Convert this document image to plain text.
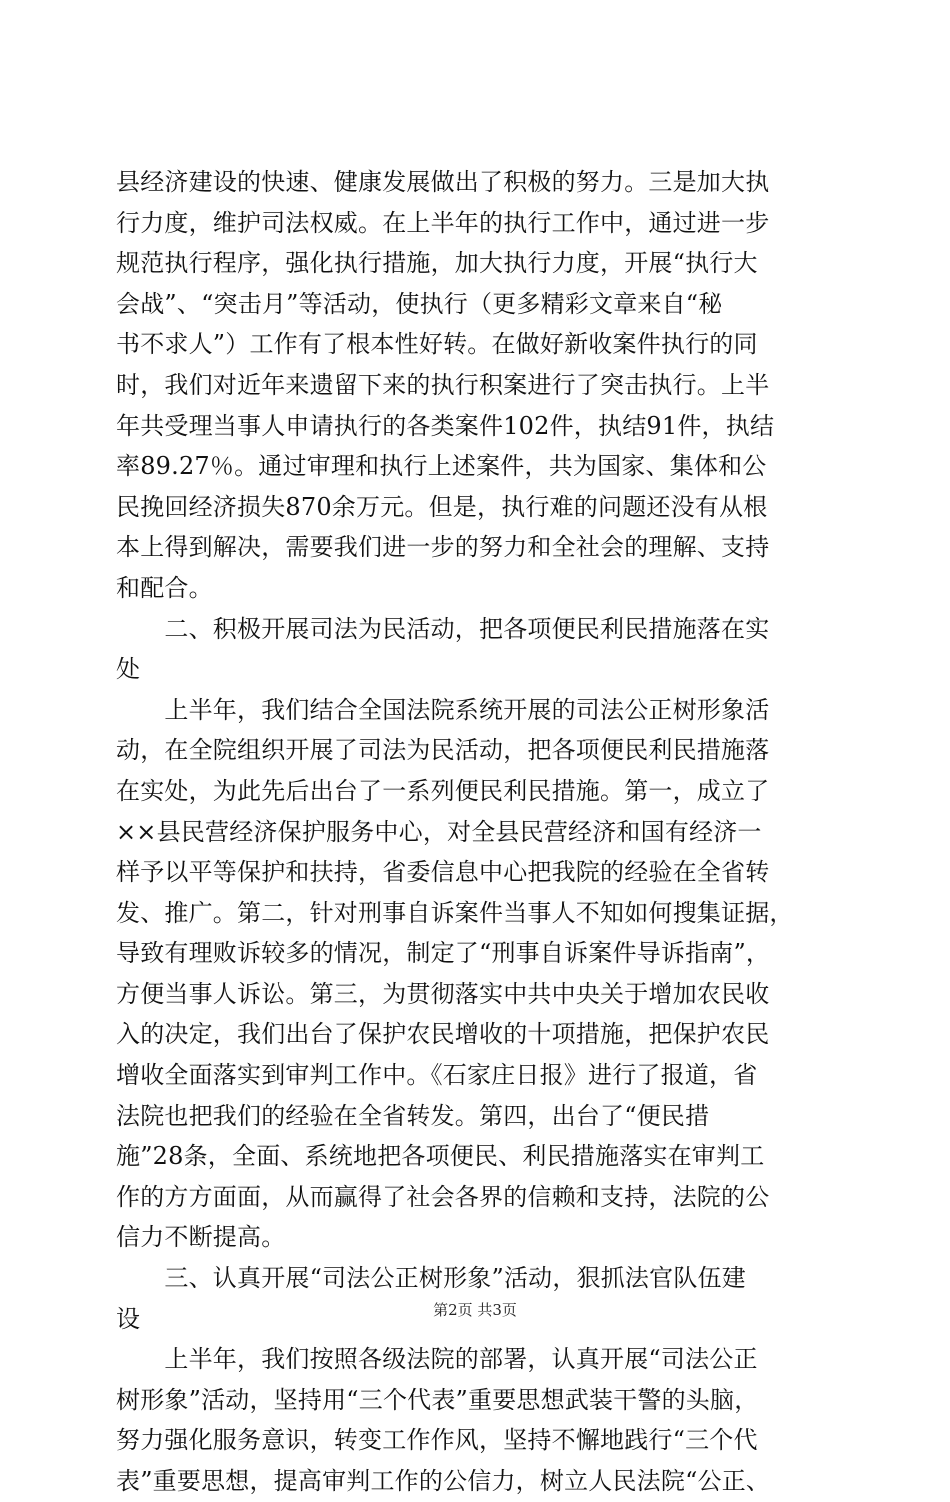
县经济建设的快速、健康发展做出了积极的努力。三是加大执
行力度，维护司法权威。在上半年的执行工作中，通过进一步
规范执行程序，强化执行措施，加大执行力度，开展“执行大
会战”、“突击月”等活动，使执行（更多精彩文章来自“秘
书不求人”）工作有了根本性好转。在做好新收案件执行的同
时，我们对近年来遗留下来的执行积案进行了突击执行。上半
年共受理当事人申请执行的各类案件102件，执结91件，执结
率89.27％。通过审理和执行上述案件，共为国家、集体和公
民挽回经济损失870余万元。但是，执行难的问题还没有从根
本上得到解决，需要我们进一步的努力和全社会的理解、支持
和配合。
　　二、积极开展司法为民活动，把各项便民利民措施落在实
处
　　上半年，我们结合全国法院系统开展的司法公正树形象活
动，在全院组织开展了司法为民活动，把各项便民利民措施落
在实处，为此先后出台了一系列便民利民措施。第一，成立了
××县民营经济保护服务中心，对全县民营经济和国有经济一
样予以平等保护和扶持，省委信息中心把我院的经验在全省转
发、推广。第二，针对刑事自诉案件当事人不知如何搜集证据，
导致有理败诉较多的情况，制定了“刑事自诉案件导诉指南”，
方便当事人诉讼。第三，为贯彻落实中共中央关于增加农民收
入的决定，我们出台了保护农民增收的十项措施，把保护农民
增收全面落实到审判工作中。《石家庄日报》进行了报道，省
法院也把我们的经验在全省转发。第四，出台了“便民措
施”28条，全面、系统地把各项便民、利民措施落实在审判工
作的方方面面，从而赢得了社会各界的信赖和支持，法院的公
信力不断提高。
　　三、认真开展“司法公正树形象”活动，狠抓法官队伍建
设
　　上半年，我们按照各级法院的部署，认真开展“司法公正
树形象”活动，坚持用“三个代表”重要思想武装干警的头脑，
努力强化服务意识，转变工作作风，坚持不懈地践行“三个代
表”重要思想，提高审判工作的公信力，树立人民法院“公正、
第2页 共3页
